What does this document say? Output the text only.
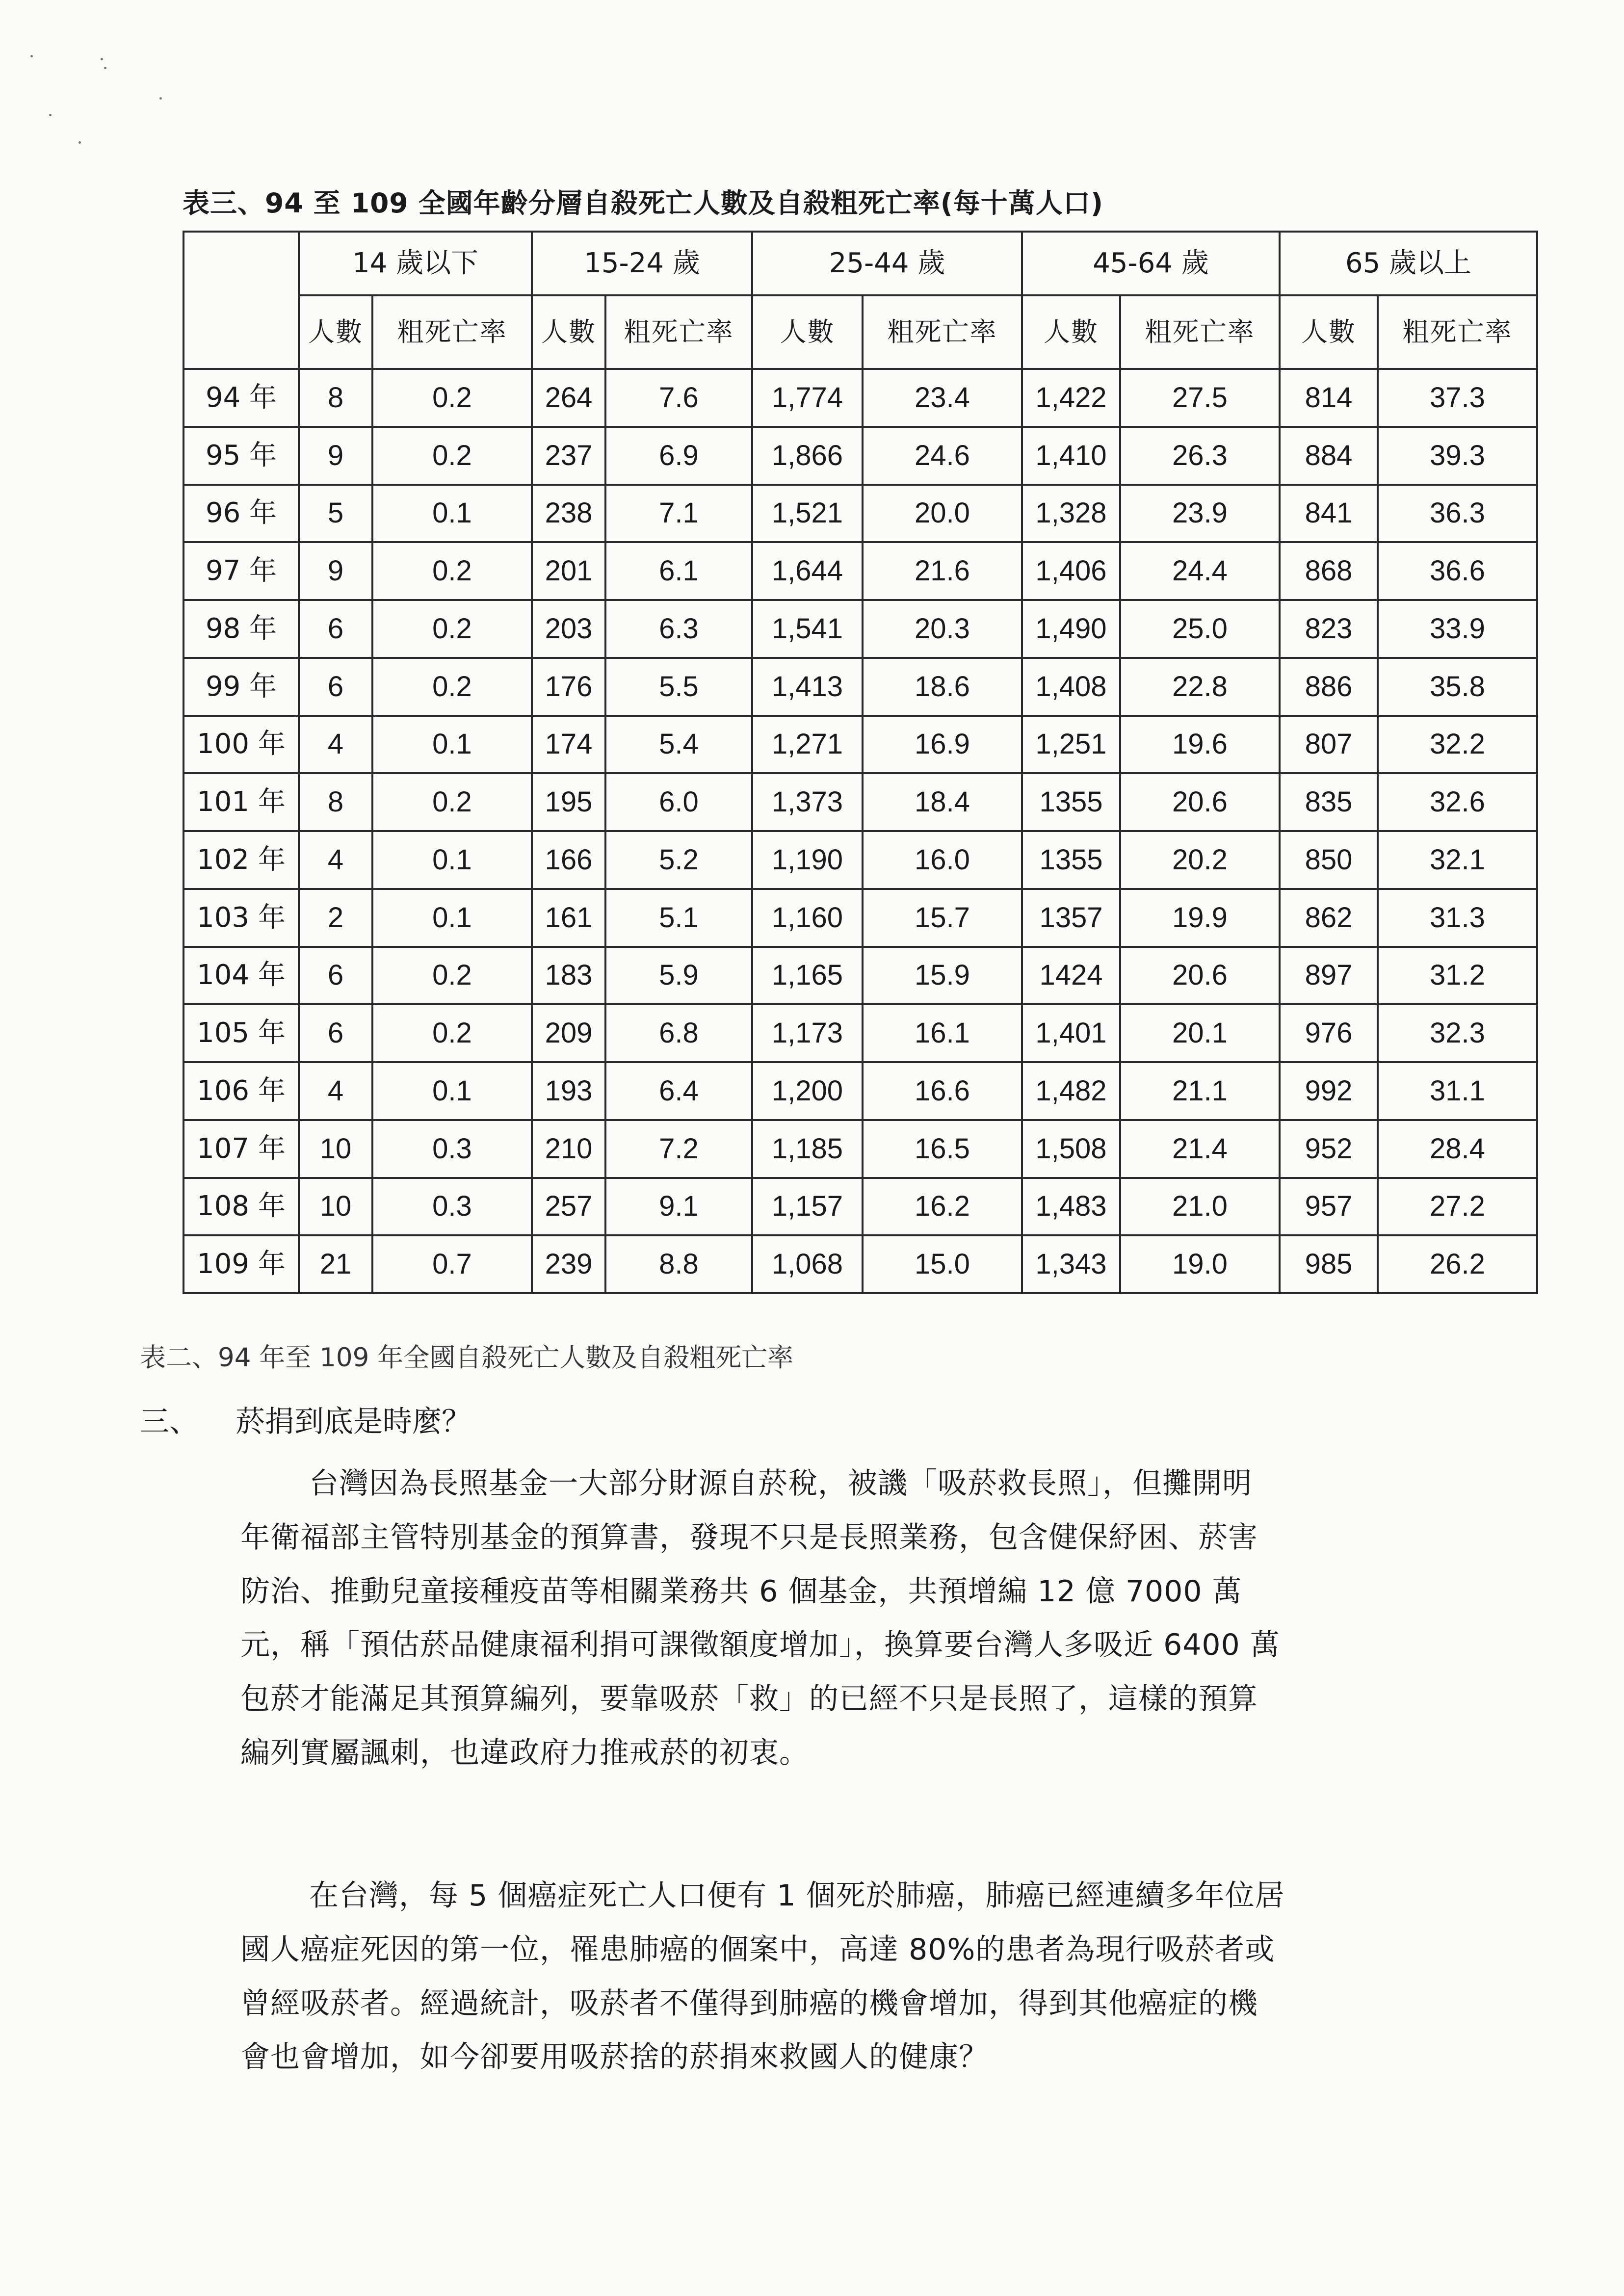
表三、94 至 109 全國年齡分層自殺死亡人數及自殺粗死亡率(每十萬人口)
	14 歲以下		15-24 歲		25-44 歲		45-64 歲		65 歲以上	
	人數	粗死亡率	人數	粗死亡率	人數	粗死亡率	人數	粗死亡率	人數	粗死亡率
94 年	8	0.2	264	7.6	1,774	23.4	1,422	27.5	814	37.3
95 年	9	0.2	237	6.9	1,866	24.6	1,410	26.3	884	39.3
96 年	5	0.1	238	7.1	1,521	20.0	1,328	23.9	841	36.3
97 年	9	0.2	201	6.1	1,644	21.6	1,406	24.4	868	36.6
98 年	6	0.2	203	6.3	1,541	20.3	1,490	25.0	823	33.9
99 年	6	0.2	176	5.5	1,413	18.6	1,408	22.8	886	35.8
100 年	4	0.1	174	5.4	1,271	16.9	1,251	19.6	807	32.2
101 年	8	0.2	195	6.0	1,373	18.4	1355	20.6	835	32.6
102 年	4	0.1	166	5.2	1,190	16.0	1355	20.2	850	32.1
103 年	2	0.1	161	5.1	1,160	15.7	1357	19.9	862	31.3
104 年	6	0.2	183	5.9	1,165	15.9	1424	20.6	897	31.2
105 年	6	0.2	209	6.8	1,173	16.1	1,401	20.1	976	32.3
106 年	4	0.1	193	6.4	1,200	16.6	1,482	21.1	992	31.1
107 年	10	0.3	210	7.2	1,185	16.5	1,508	21.4	952	28.4
108 年	10	0.3	257	9.1	1,157	16.2	1,483	21.0	957	27.2
109 年	21	0.7	239	8.8	1,068	15.0	1,343	19.0	985	26.2
表二、94 年至 109 年全國自殺死亡人數及自殺粗死亡率
三、 菸捐到底是時麼？
台灣因為長照基金一大部分財源自菸稅，被譏「吸菸救長照」，但攤開明
年衛福部主管特別基金的預算書，發現不只是長照業務，包含健保紓困、菸害
防治、推動兒童接種疫苗等相關業務共 6 個基金，共預增編 12 億 7000 萬
元，稱「預估菸品健康福利捐可課徵額度增加」，換算要台灣人多吸近 6400 萬
包菸才能滿足其預算編列，要靠吸菸「救」的已經不只是長照了，這樣的預算
編列實屬諷刺，也違政府力推戒菸的初衷。
在台灣，每 5 個癌症死亡人口便有 1 個死於肺癌，肺癌已經連續多年位居
國人癌症死因的第一位，罹患肺癌的個案中，高達 80%的患者為現行吸菸者或
曾經吸菸者。經過統計，吸菸者不僅得到肺癌的機會增加，得到其他癌症的機
會也會增加，如今卻要用吸菸捨的菸捐來救國人的健康？
